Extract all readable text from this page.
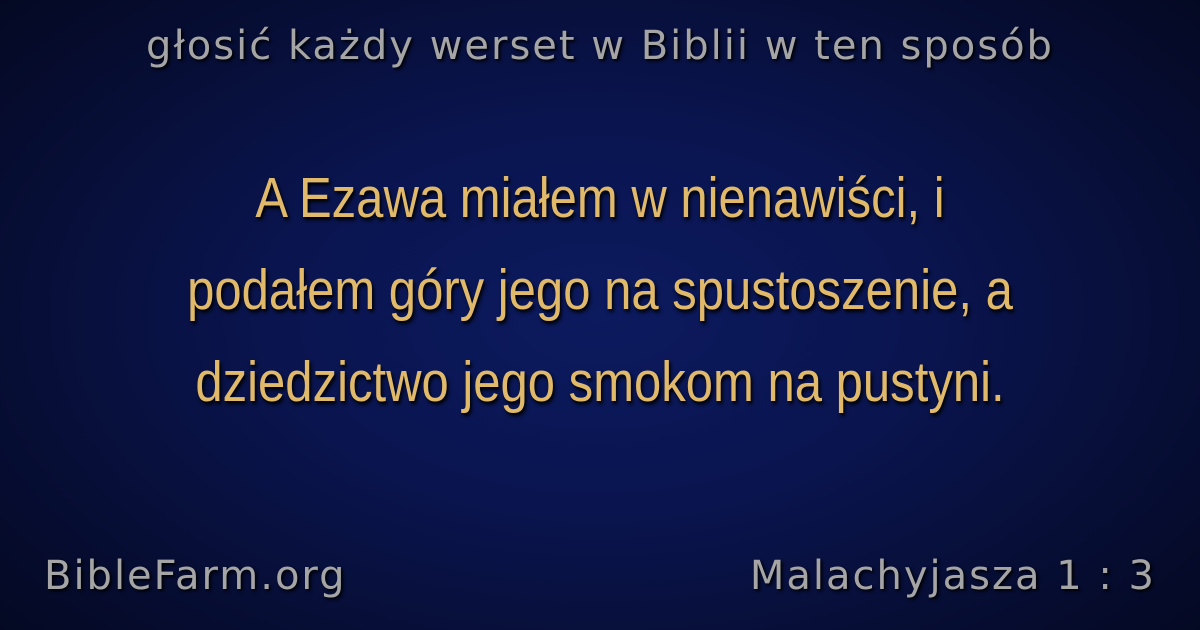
głosić każdy werset w Biblii w ten sposób
A Ezawa miałem w nienawiści, i
podałem góry jego na spustoszenie, a
dziedzictwo jego smokom na pustyni.
BibleFarm.org	Malachyjasza 1 : 3
